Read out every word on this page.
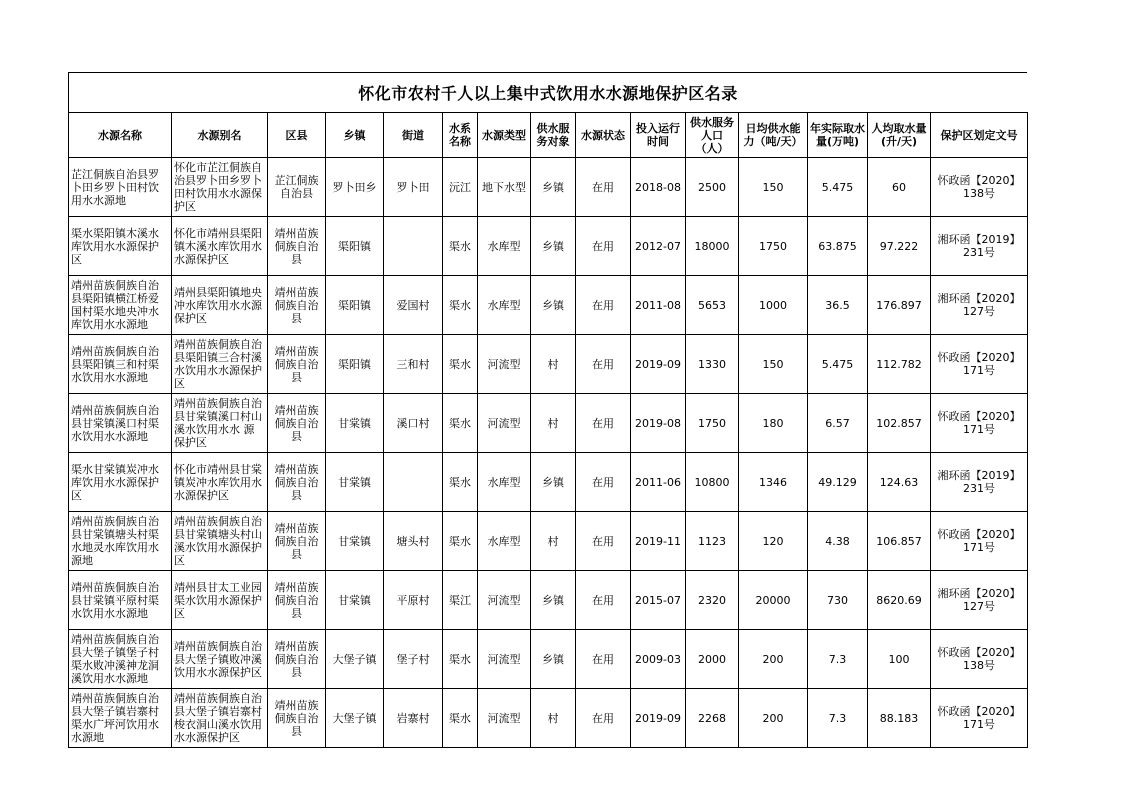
怀化市农村千人以上集中式饮用水水源地保护区名录
水源名称	水源别名	区县	乡镇	街道	水系名称	水源类型	供水服务对象	水源状态	投入运行时间	供水服务人口（人）	日均供水能力（吨/天）	年实际取水量(万吨)	人均取水量(升/天)	保护区划定文号
芷江侗族自治县罗卜田乡罗卜田村饮用水水源地	怀化市芷江侗族自治县罗卜田乡罗卜田村饮用水水源保护区	芷江侗族自治县	罗卜田乡	罗卜田	沅江	地下水型	乡镇	在用	2018-08	2500	150	5.475	60	怀政函【2020】138号
渠水渠阳镇木溪水库饮用水水源保护区	怀化市靖州县渠阳镇木溪水库饮用水水源保护区	靖州苗族侗族自治县	渠阳镇		渠水	水库型	乡镇	在用	2012-07	18000	1750	63.875	97.222	湘环函【2019】231号
靖州苗族侗族自治县渠阳镇横江桥爱国村渠水地央冲水库饮用水水源地	靖州县渠阳镇地央冲水库饮用水水源保护区	靖州苗族侗族自治县	渠阳镇	爱国村	渠水	水库型	乡镇	在用	2011-08	5653	1000	36.5	176.897	湘环函【2020】127号
靖州苗族侗族自治县渠阳镇三和村渠水饮用水水源地	靖州苗族侗族自治县渠阳镇三合村溪水饮用水水源保护区	靖州苗族侗族自治县	渠阳镇	三和村	渠水	河流型	村	在用	2019-09	1330	150	5.475	112.782	怀政函【2020】171号
靖州苗族侗族自治县甘棠镇溪口村渠水饮用水水源地	靖州苗族侗族自治县甘棠镇溪口村山溪水饮用水水 源保护区	靖州苗族侗族自治县	甘棠镇	溪口村	渠水	河流型	村	在用	2019-08	1750	180	6.57	102.857	怀政函【2020】171号
渠水甘棠镇炭冲水库饮用水水源保护区	怀化市靖州县甘棠镇炭冲水库饮用水水源保护区	靖州苗族侗族自治县	甘棠镇		渠水	水库型	乡镇	在用	2011-06	10800	1346	49.129	124.63	湘环函【2019】231号
靖州苗族侗族自治县甘棠镇塘头村渠水地灵水库饮用水源地	靖州苗族侗族自治县甘棠镇塘头村山溪水饮用水源保护区	靖州苗族侗族自治县	甘棠镇	塘头村	渠水	水库型	村	在用	2019-11	1123	120	4.38	106.857	怀政函【2020】171号
靖州苗族侗族自治县甘棠镇平原村渠水饮用水水源地	靖州县甘太工业园渠水饮用水源保护区	靖州苗族侗族自治县	甘棠镇	平原村	渠江	河流型	乡镇	在用	2015-07	2320	20000	730	8620.69	湘环函【2020】127号
靖州苗族侗族自治县大堡子镇堡子村渠水败冲溪神龙洞溪饮用水水源地	靖州苗族侗族自治县大堡子镇败冲溪饮用水水源保护区	靖州苗族侗族自治县	大堡子镇	堡子村	渠水	河流型	乡镇	在用	2009-03	2000	200	7.3	100	怀政函【2020】138号
靖州苗族侗族自治县大堡子镇岩寨村渠水广坪河饮用水水源地	靖州苗族侗族自治县大堡子镇岩寨村梭衣洞山溪水饮用水水源保护区	靖州苗族侗族自治县	大堡子镇	岩寨村	渠水	河流型	村	在用	2019-09	2268	200	7.3	88.183	怀政函【2020】171号
